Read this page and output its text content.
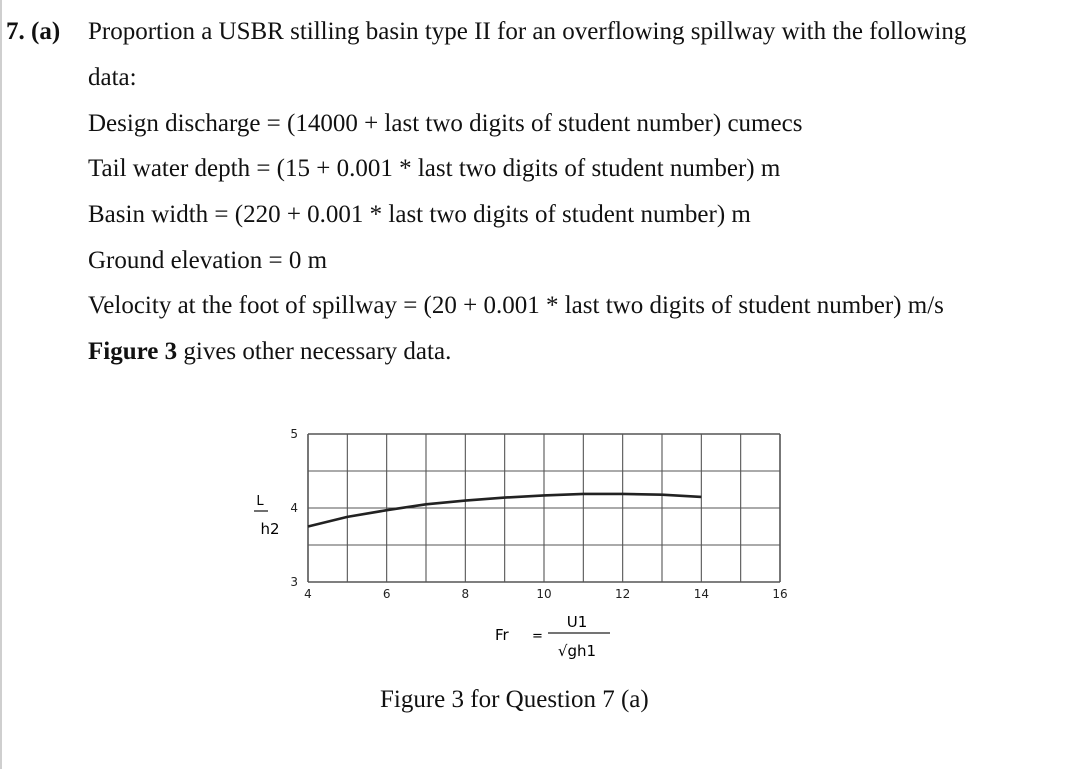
7. (a) Proportion a USBR stilling basin type II for an overflowing spillway with the following
data:
Design discharge = (14000 + last two digits of student number) cumecs
Tail water depth = (15 + 0.001 * last two digits of student number) m
Basin width = (220 + 0.001 * last two digits of student number) m
Ground elevation = 0 m
Velocity at the foot of spillway = (20 + 0.001 * last two digits of student number) m/s
Figure 3 gives other necessary data.
4	6	8	10	12	14	16
3
4
5
L
h2
Fr =
U1
√gh1
Figure 3 for Question 7 (a)
